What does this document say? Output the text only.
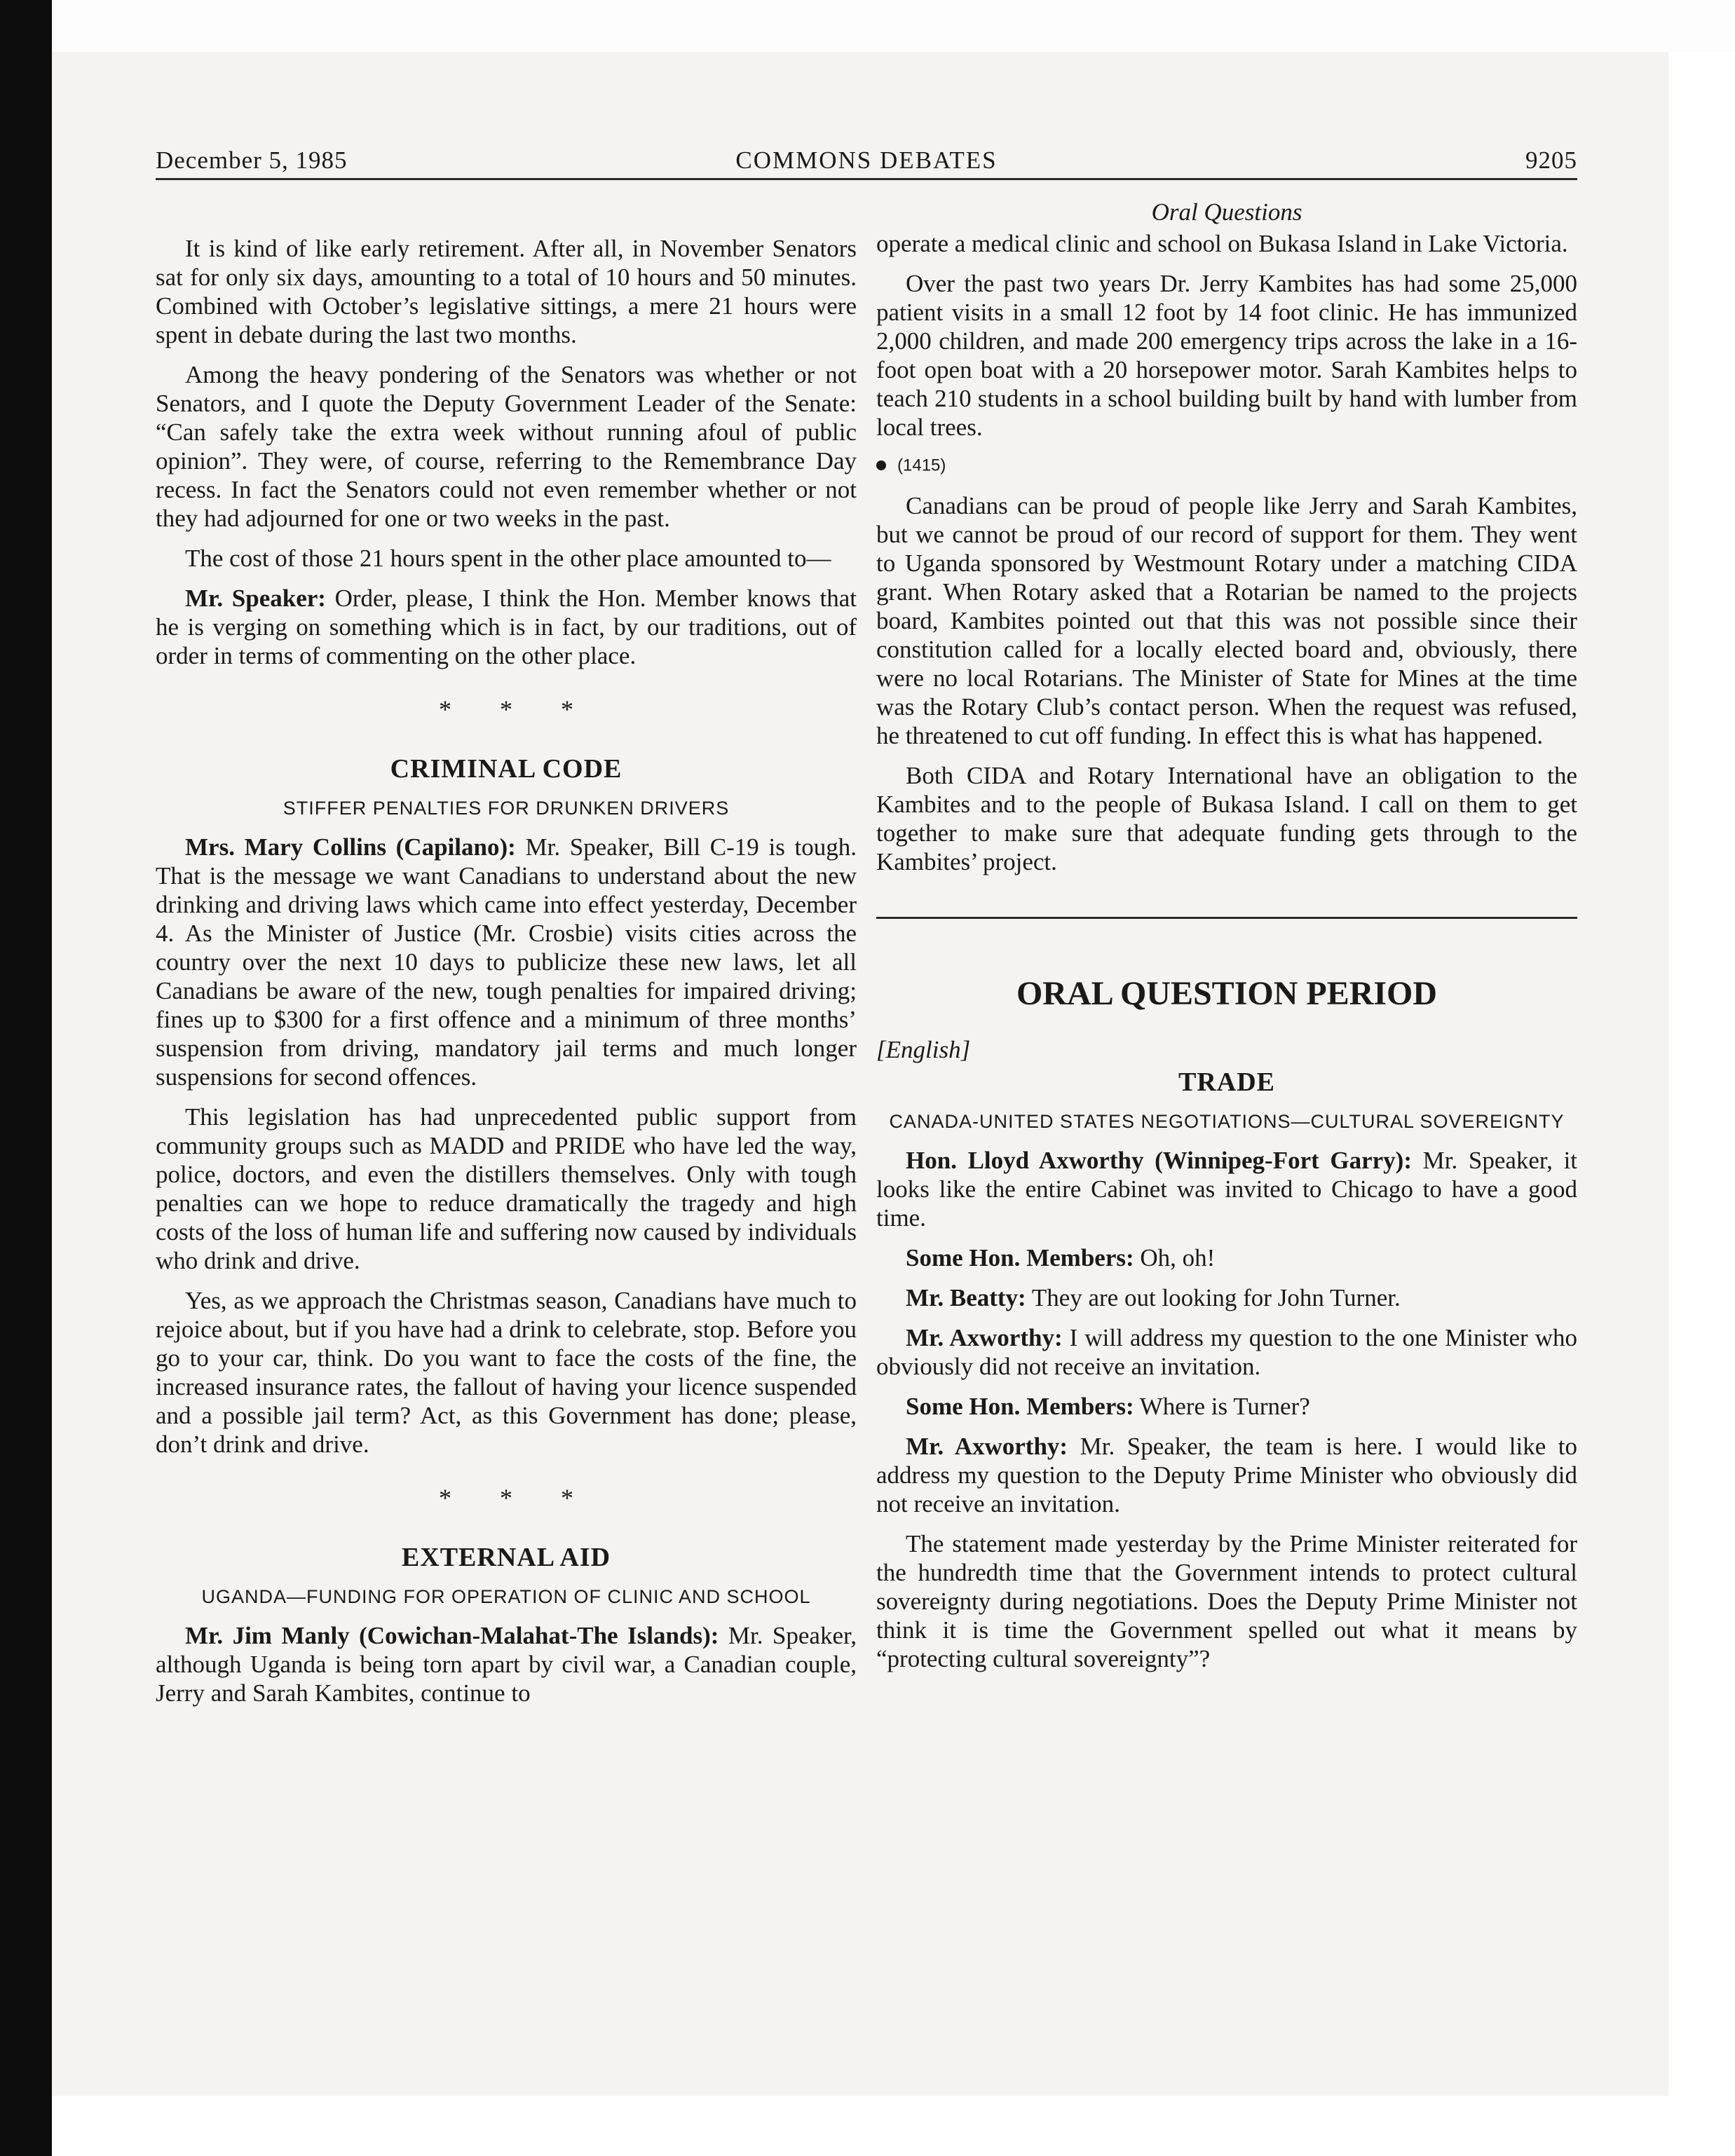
December 5, 1985	COMMONS DEBATES	9205

It is kind of like early retirement. After all, in November Senators sat for only six days, amounting to a total of 10 hours and 50 minutes. Combined with October’s legislative sittings, a mere 21 hours were spent in debate during the last two months.

Among the heavy pondering of the Senators was whether or not Senators, and I quote the Deputy Government Leader of the Senate: “Can safely take the extra week without running afoul of public opinion”. They were, of course, referring to the Remembrance Day recess. In fact the Senators could not even remember whether or not they had adjourned for one or two weeks in the past.

The cost of those 21 hours spent in the other place amounted to—

Mr. Speaker: Order, please, I think the Hon. Member knows that he is verging on something which is in fact, by our traditions, out of order in terms of commenting on the other place.

* * *
CRIMINAL CODE
STIFFER PENALTIES FOR DRUNKEN DRIVERS

Mrs. Mary Collins (Capilano): Mr. Speaker, Bill C-19 is tough. That is the message we want Canadians to understand about the new drinking and driving laws which came into effect yesterday, December 4. As the Minister of Justice (Mr. Crosbie) visits cities across the country over the next 10 days to publicize these new laws, let all Canadians be aware of the new, tough penalties for impaired driving; fines up to $300 for a first offence and a minimum of three months’ suspension from driving, mandatory jail terms and much longer suspensions for second offences.

This legislation has had unprecedented public support from community groups such as MADD and PRIDE who have led the way, police, doctors, and even the distillers themselves. Only with tough penalties can we hope to reduce dramatically the tragedy and high costs of the loss of human life and suffering now caused by individuals who drink and drive.

Yes, as we approach the Christmas season, Canadians have much to rejoice about, but if you have had a drink to celebrate, stop. Before you go to your car, think. Do you want to face the costs of the fine, the increased insurance rates, the fallout of having your licence suspended and a possible jail term? Act, as this Government has done; please, don’t drink and drive.

* * *
EXTERNAL AID
UGANDA—FUNDING FOR OPERATION OF CLINIC AND SCHOOL

Mr. Jim Manly (Cowichan-Malahat-The Islands): Mr. Speaker, although Uganda is being torn apart by civil war, a Canadian couple, Jerry and Sarah Kambites, continue to

Oral Questions

operate a medical clinic and school on Bukasa Island in Lake Victoria.

Over the past two years Dr. Jerry Kambites has had some 25,000 patient visits in a small 12 foot by 14 foot clinic. He has immunized 2,000 children, and made 200 emergency trips across the lake in a 16-foot open boat with a 20 horsepower motor. Sarah Kambites helps to teach 210 students in a school building built by hand with lumber from local trees.

(1415)

Canadians can be proud of people like Jerry and Sarah Kambites, but we cannot be proud of our record of support for them. They went to Uganda sponsored by Westmount Rotary under a matching CIDA grant. When Rotary asked that a Rotarian be named to the projects board, Kambites pointed out that this was not possible since their constitution called for a locally elected board and, obviously, there were no local Rotarians. The Minister of State for Mines at the time was the Rotary Club’s contact person. When the request was refused, he threatened to cut off funding. In effect this is what has happened.

Both CIDA and Rotary International have an obligation to the Kambites and to the people of Bukasa Island. I call on them to get together to make sure that adequate funding gets through to the Kambites’ project.

ORAL QUESTION PERIOD
[English]
TRADE
CANADA-UNITED STATES NEGOTIATIONS—CULTURAL SOVEREIGNTY

Hon. Lloyd Axworthy (Winnipeg-Fort Garry): Mr. Speaker, it looks like the entire Cabinet was invited to Chicago to have a good time.

Some Hon. Members: Oh, oh!

Mr. Beatty: They are out looking for John Turner.

Mr. Axworthy: I will address my question to the one Minister who obviously did not receive an invitation.

Some Hon. Members: Where is Turner?

Mr. Axworthy: Mr. Speaker, the team is here. I would like to address my question to the Deputy Prime Minister who obviously did not receive an invitation.

The statement made yesterday by the Prime Minister reiterated for the hundredth time that the Government intends to protect cultural sovereignty during negotiations. Does the Deputy Prime Minister not think it is time the Government spelled out what it means by “protecting cultural sovereignty”?
